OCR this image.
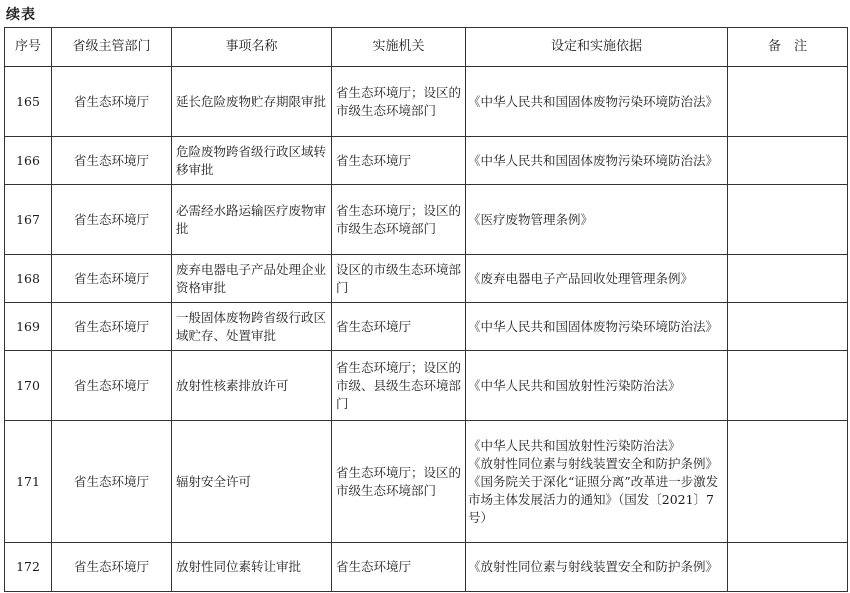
续表
序号	省级主管部门	事项名称	实施机关	设定和实施依据	备　注
165	省生态环境厅	延长危险废物贮存期限审批	省生态环境厅；设区的市级生态环境部门	《中华人民共和国固体废物污染环境防治法》	

166	省生态环境厅	危险废物跨省级行政区域转移审批	省生态环境厅	《中华人民共和国固体废物污染环境防治法》	

167	省生态环境厅	必需经水路运输医疗废物审批	省生态环境厅；设区的市级生态环境部门	《医疗废物管理条例》	

168	省生态环境厅	废弃电器电子产品处理企业资格审批	设区的市级生态环境部门	《废弃电器电子产品回收处理管理条例》	

169	省生态环境厅	一般固体废物跨省级行政区域贮存、处置审批	省生态环境厅	《中华人民共和国固体废物污染环境防治法》	

170	省生态环境厅	放射性核素排放许可	省生态环境厅；设区的市级、县级生态环境部门	《中华人民共和国放射性污染防治法》	

171	省生态环境厅	辐射安全许可	省生态环境厅；设区的市级生态环境部门	《中华人民共和国放射性污染防治法》
《放射性同位素与射线装置安全和防护条例》
《国务院关于深化“证照分离”改革进一步激发市场主体发展活力的通知》（国发〔2021〕7号）	

172	省生态环境厅	放射性同位素转让审批	省生态环境厅	《放射性同位素与射线装置安全和防护条例》	
